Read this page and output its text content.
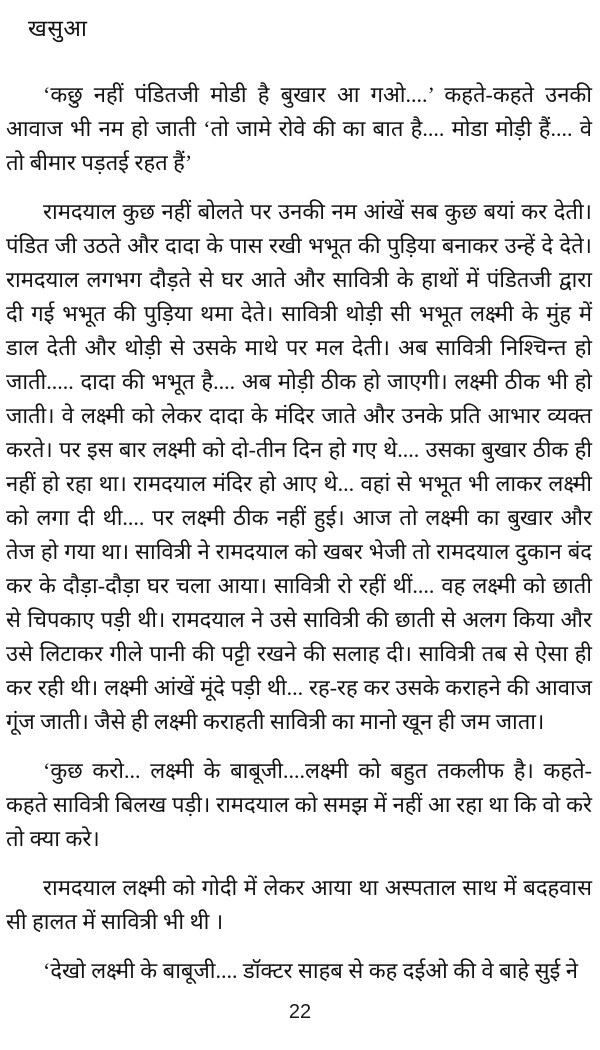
खसुआ
‘कछु नहीं पंडितजी मोडी है बुखार आ गओ....’ कहते-कहते उनकी
आवाज भी नम हो जाती ‘तो जामे रोवे की का बात है.... मोडा मोड़ी हैं.... वे
तो बीमार पड़तई रहत हैं’
रामदयाल कुछ नहीं बोलते पर उनकी नम आंखें सब कुछ बयां कर देती।
पंडित जी उठते और दादा के पास रखी भभूत की पुड़िया बनाकर उन्हें दे देते।
रामदयाल लगभग दौड़ते से घर आते और सावित्री के हाथों में पंडितजी द्वारा
दी गई भभूत की पुड़िया थमा देते। सावित्री थोड़ी सी भभूत लक्ष्मी के मुंह में
डाल देती और थोड़ी से उसके माथे पर मल देती। अब सावित्री निश्चिन्त हो
जाती..... दादा की भभूत है.... अब मोड़ी ठीक हो जाएगी। लक्ष्मी ठीक भी हो
जाती। वे लक्ष्मी को लेकर दादा के मंदिर जाते और उनके प्रति आभार व्यक्त
करते। पर इस बार लक्ष्मी को दो-तीन दिन हो गए थे.... उसका बुखार ठीक ही
नहीं हो रहा था। रामदयाल मंदिर हो आए थे... वहां से भभूत भी लाकर लक्ष्मी
को लगा दी थी.... पर लक्ष्मी ठीक नहीं हुई। आज तो लक्ष्मी का बुखार और
तेज हो गया था। सावित्री ने रामदयाल को खबर भेजी तो रामदयाल दुकान बंद
कर के दौड़ा-दौड़ा घर चला आया। सावित्री रो रहीं थीं.... वह लक्ष्मी को छाती
से चिपकाए पड़ी थी। रामदयाल ने उसे सावित्री की छाती से अलग किया और
उसे लिटाकर गीले पानी की पट्टी रखने की सलाह दी। सावित्री तब से ऐसा ही
कर रही थी। लक्ष्मी आंखें मूंदे पड़ी थी... रह-रह कर उसके कराहने की आवाज
गूंज जाती। जैसे ही लक्ष्मी कराहती सावित्री का मानो खून ही जम जाता।
‘कुछ करो... लक्ष्मी के बाबूजी....लक्ष्मी को बहुत तकलीफ है। कहते-
कहते सावित्री बिलख पड़ी। रामदयाल को समझ में नहीं आ रहा था कि वो करे
तो क्या करे।
रामदयाल लक्ष्मी को गोदी में लेकर आया था अस्पताल साथ में बदहवास
सी हालत में सावित्री भी थी ।
‘देखो लक्ष्मी के बाबूजी.... डॉक्टर साहब से कह दईओ की वे बाहे सुई ने
22
